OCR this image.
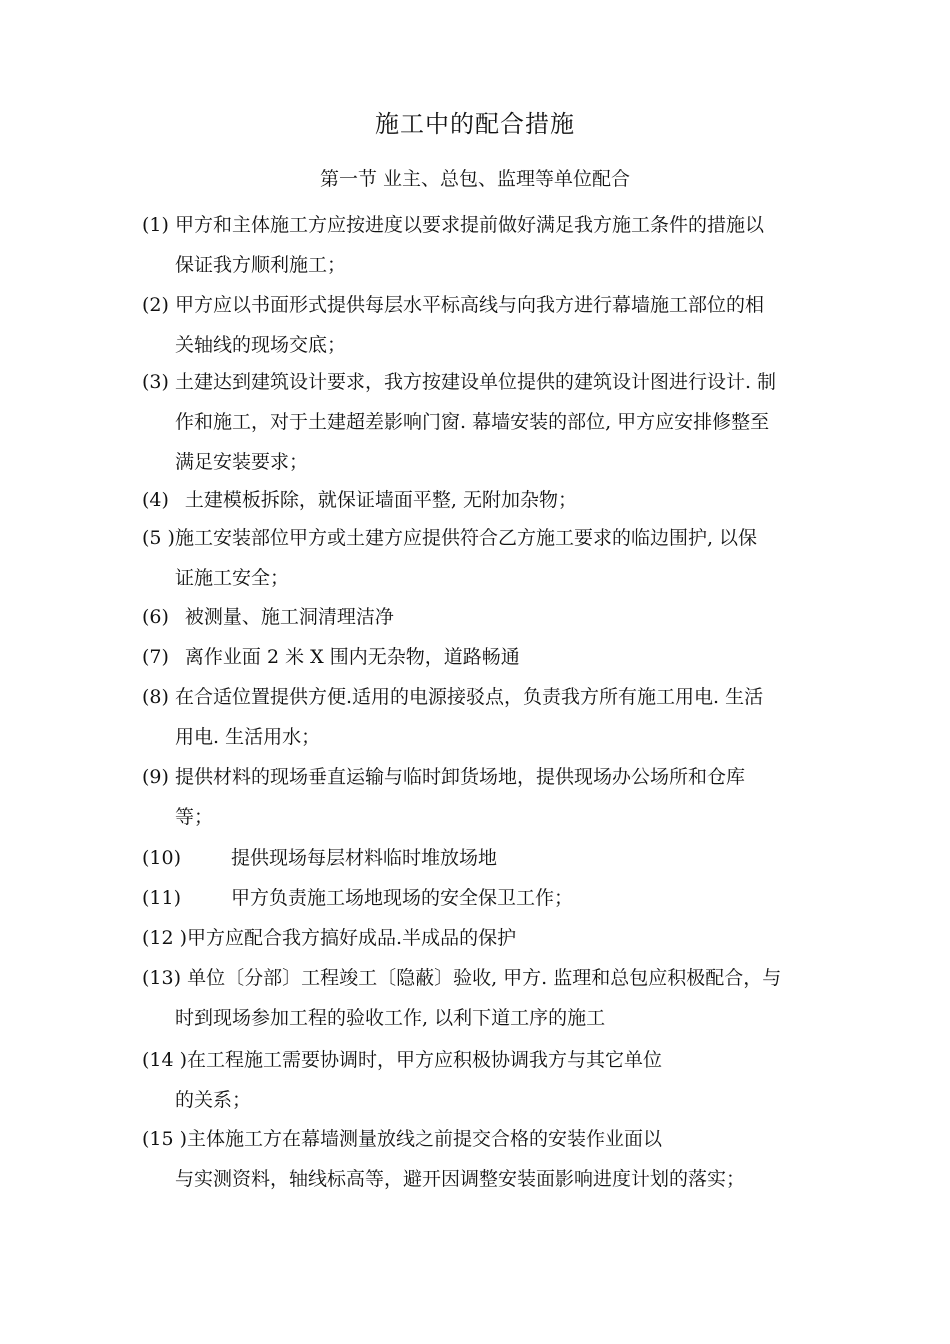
施工中的配合措施
第一节 业主、总包、监理等单位配合
(1) 甲方和主体施工方应按进度以要求提前做好满足我方施工条件的措施以
保证我方顺利施工；
(2) 甲方应以书面形式提供每层水平标高线与向我方进行幕墙施工部位的相
关轴线的现场交底；
(3) 土建达到建筑设计要求，我方按建设单位提供的建筑设计图进行设计. 制
作和施工，对于土建超差影响门窗. 幕墙安装的部位, 甲方应安排修整至
满足安装要求；
(4) 土建模板拆除，就保证墙面平整, 无附加杂物；
(5 )施工安装部位甲方或土建方应提供符合乙方施工要求的临边围护, 以保
证施工安全；
(6) 被测量、施工洞清理洁净
(7) 离作业面 2 米 X 围内无杂物，道路畅通
(8) 在合适位置提供方便.适用的电源接驳点，负责我方所有施工用电. 生活
用电. 生活用水；
(9) 提供材料的现场垂直运输与临时卸货场地，提供现场办公场所和仓库
等；
(10)	提供现场每层材料临时堆放场地
(11)	甲方负责施工场地现场的安全保卫工作；
(12 )甲方应配合我方搞好成品.半成品的保护
(13) 单位〔分部〕工程竣工〔隐蔽〕验收, 甲方. 监理和总包应积极配合，与
时到现场参加工程的验收工作, 以利下道工序的施工
(14 )在工程施工需要协调时，甲方应积极协调我方与其它单位
的关系；
(15 )主体施工方在幕墙测量放线之前提交合格的安装作业面以
与实测资料，轴线标高等，避开因调整安装面影响进度计划的落实；
